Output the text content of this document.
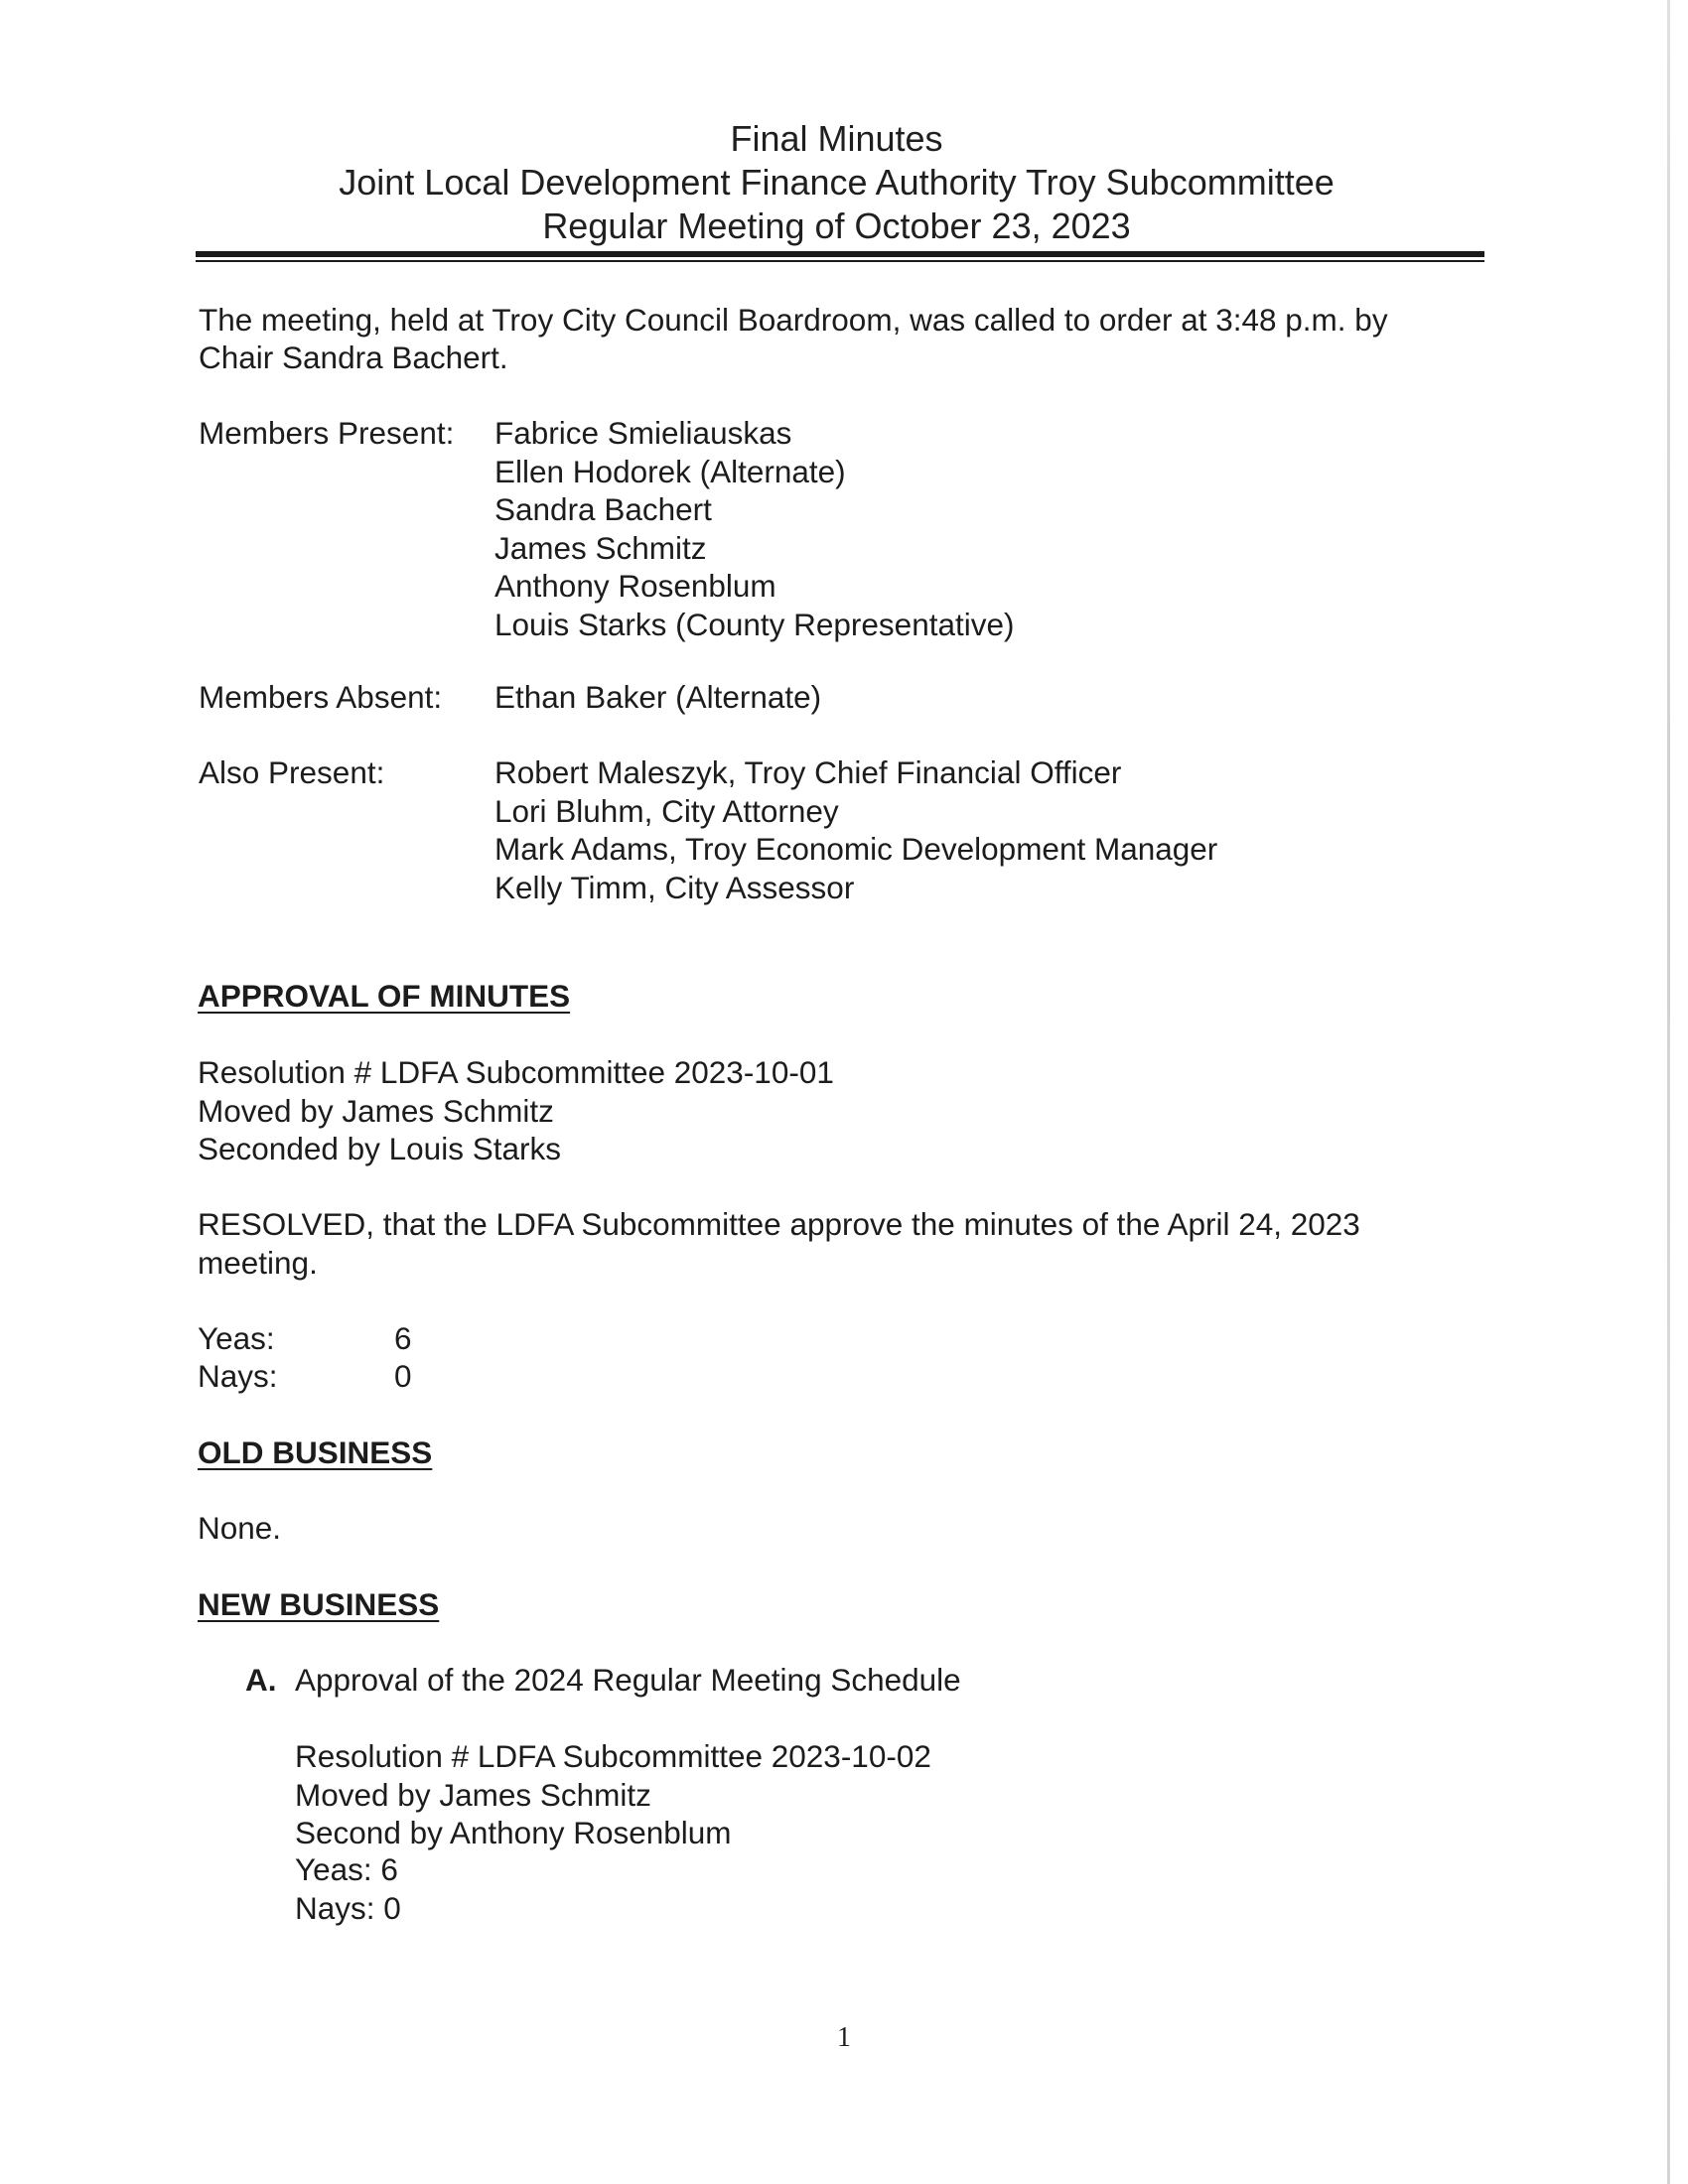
Final Minutes
Joint Local Development Finance Authority Troy Subcommittee
Regular Meeting of October 23, 2023
The meeting, held at Troy City Council Boardroom, was called to order at 3:48 p.m. by
Chair Sandra Bachert.
Members Present: Fabrice Smieliauskas
Ellen Hodorek (Alternate)
Sandra Bachert
James Schmitz
Anthony Rosenblum
Louis Starks (County Representative)
Members Absent: Ethan Baker (Alternate)
Also Present:	Robert Maleszyk, Troy Chief Financial Officer
Lori Bluhm, City Attorney
Mark Adams, Troy Economic Development Manager
Kelly Timm, City Assessor
APPROVAL OF MINUTES
Resolution # LDFA Subcommittee 2023-10-01
Moved by James Schmitz
Seconded by Louis Starks
RESOLVED, that the LDFA Subcommittee approve the minutes of the April 24, 2023
meeting.
Yeas:	6
Nays:	0
OLD BUSINESS
None.
NEW BUSINESS
A. Approval of the 2024 Regular Meeting Schedule
Resolution # LDFA Subcommittee 2023-10-02
Moved by James Schmitz
Second by Anthony Rosenblum
Yeas: 6
Nays: 0
1
